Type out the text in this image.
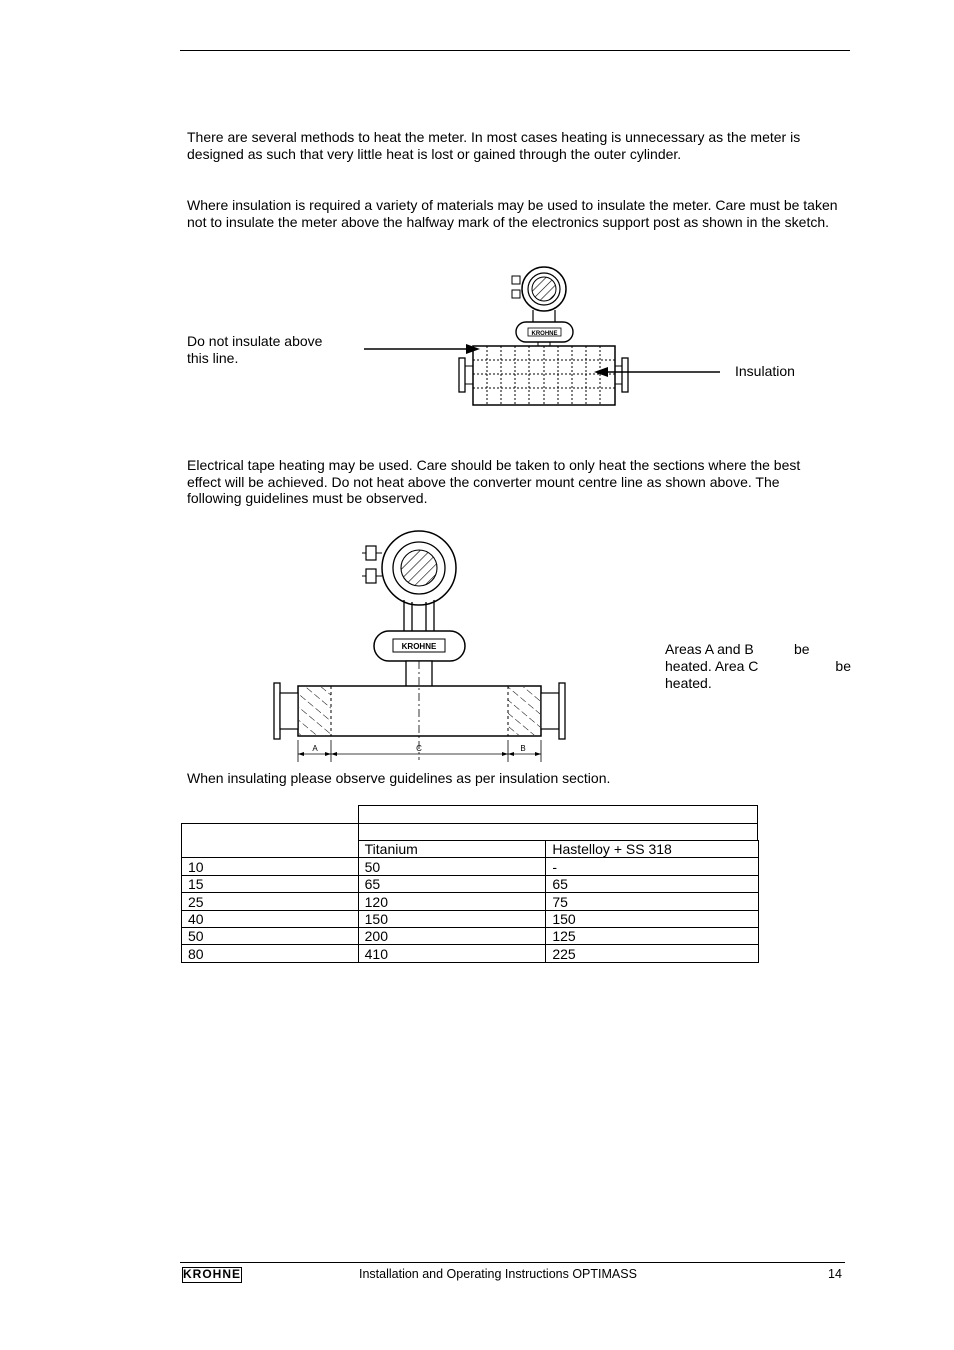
There are several methods to heat the meter. In most cases heating is unnecessary as the meter is designed as such that very little heat is lost or gained through the outer cylinder.

Where insulation is required a variety of materials may be used to insulate the meter. Care must be taken not to insulate the meter above the halfway mark of the electronics support post as shown in the sketch.

Do not insulate above this line.

Insulation

KROHNE

Electrical tape heating may be used. Care should be taken to only heat the sections where the best effect will be achieved. Do not heat above the converter mount centre line as shown above. The following guidelines must be observed.

Areas A and B	be
heated. Area C	be
heated.
KROHNE
A	C	B

When insulating please observe guidelines as per insulation section.

	Titanium	Hastelloy + SS 318
10	50	-
15	65	65
25	120	75
40	150	150
50	200	125
80	410	225
KROHNE	Installation and Operating Instructions OPTIMASS	14
